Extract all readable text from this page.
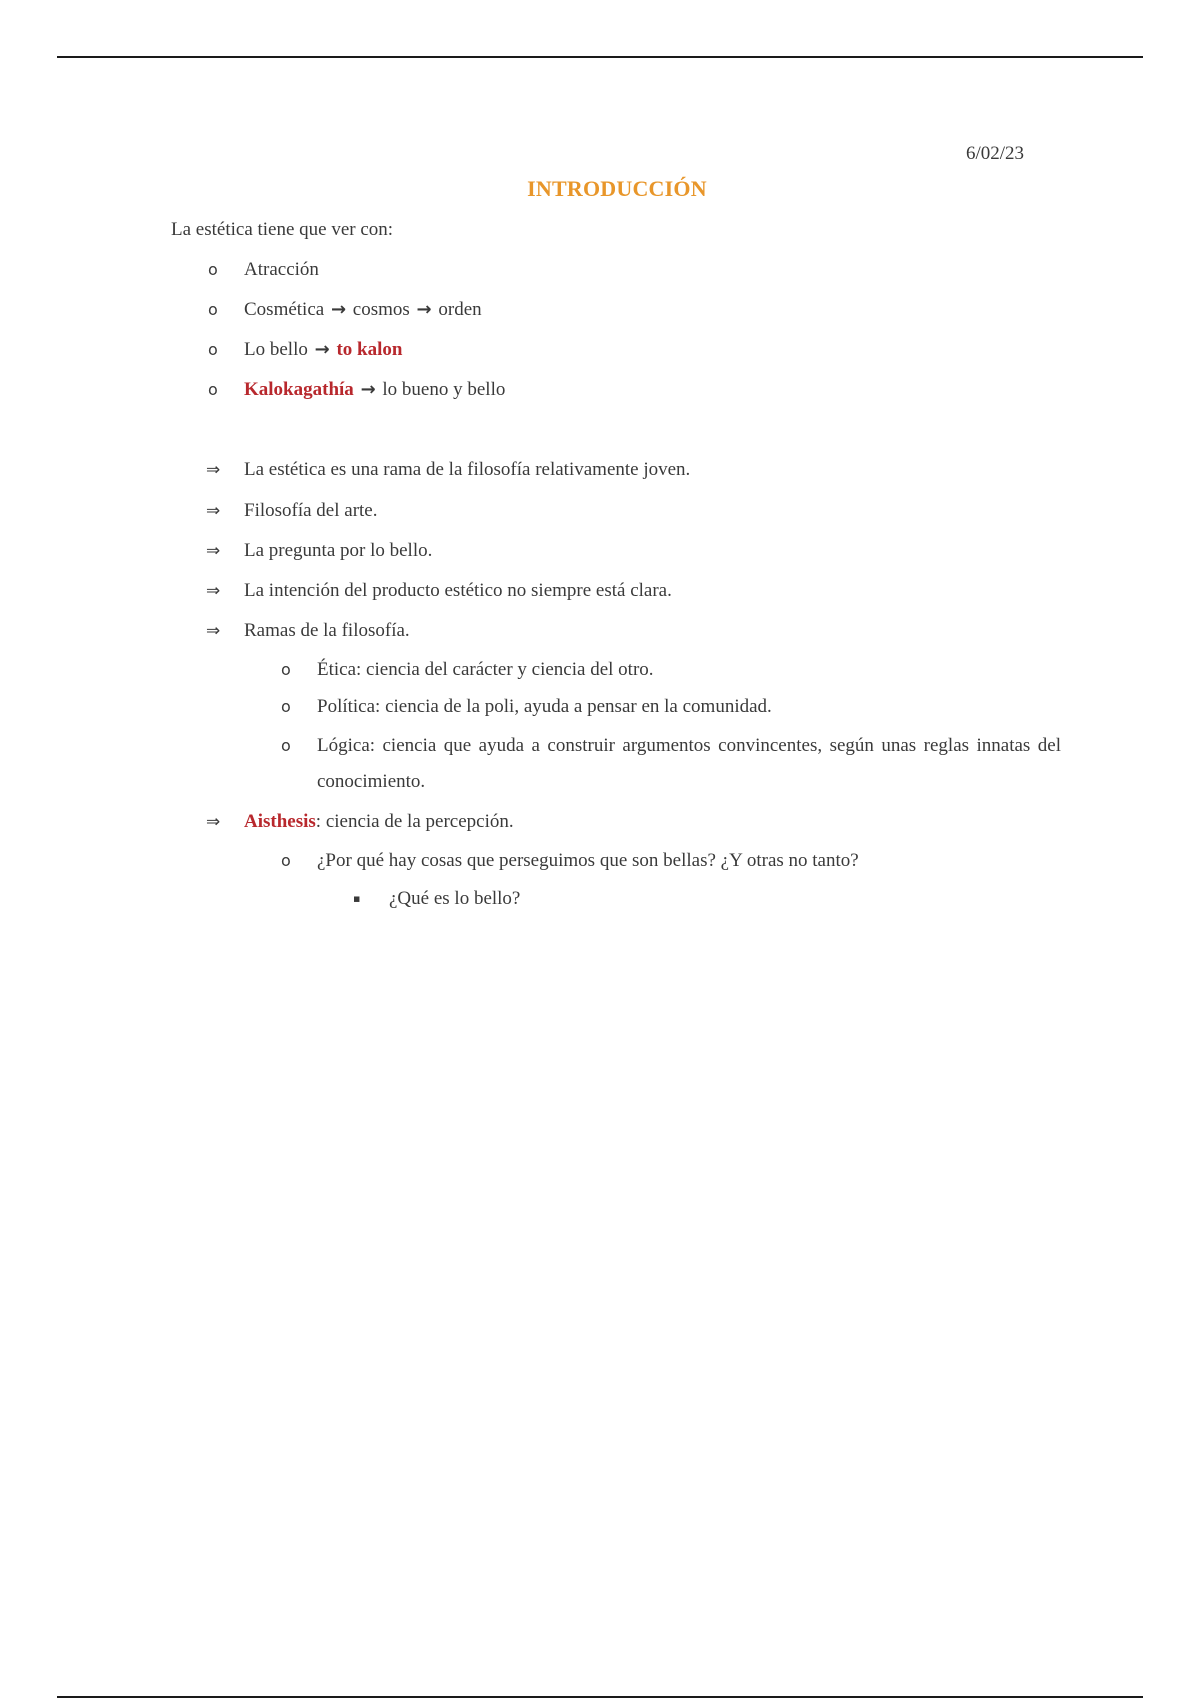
6/02/23
INTRODUCCIÓN
La estética tiene que ver con:
o Atracción
o Cosmética → cosmos → orden
o Lo bello → to kalon
o Kalokagathía → lo bueno y bello
⇒ La estética es una rama de la filosofía relativamente joven.
⇒ Filosofía del arte.
⇒ La pregunta por lo bello.
⇒ La intención del producto estético no siempre está clara.
⇒ Ramas de la filosofía.
o Ética: ciencia del carácter y ciencia del otro.
o Política: ciencia de la poli, ayuda a pensar en la comunidad.
o Lógica: ciencia que ayuda a construir argumentos convincentes, según unas reglas innatas del conocimiento.
⇒ Aisthesis: ciencia de la percepción.
o ¿Por qué hay cosas que perseguimos que son bellas? ¿Y otras no tanto?
▪ ¿Qué es lo bello?
